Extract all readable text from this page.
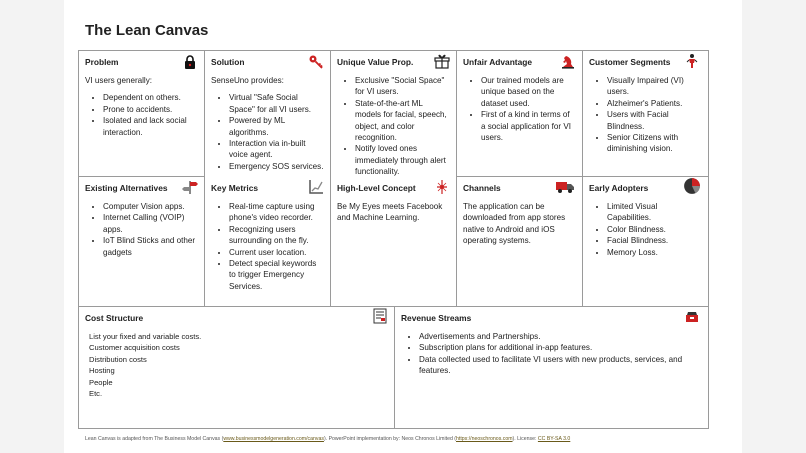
The Lean Canvas
Problem

VI users generally:

• Dependent on others.
• Prone to accidents.
• Isolated and lack social interaction.
Solution

SenseUno provides:

• Virtual "Safe Social Space" for all VI users.
• Powered by ML algorithms.
• Interaction via in-built voice agent.
• Emergency SOS services.
Key Metrics
• Real-time capture using phone's video recorder.
• Recognizing users surrounding on the fly.
• Current user location.
• Detect special keywords to trigger Emergency Services.
Unique Value Prop.
• Exclusive "Social Space" for VI users.
• State-of-the-art ML models for facial, speech, object, and color recognition.
• Notify loved ones immediately through alert functionality.
High-Level Concept

Be My Eyes meets Facebook and Machine Learning.

Unfair Advantage
• Our trained models are unique based on the dataset used.
• First of a kind in terms of a social application for VI users.
Channels

The application can be downloaded from app stores native to Android and iOS operating systems.

Customer Segments
• Visually Impaired (VI) users.
• Alzheimer's Patients.
• Users with Facial Blindness.
• Senior Citizens with diminishing vision.
Early Adopters
• Limited Visual Capabilities.
• Color Blindness.
• Facial Blindness.
• Memory Loss.
Existing Alternatives
• Computer Vision apps.
• Internet Calling (VOIP) apps.
• IoT Blind Sticks and other gadgets
Cost Structure
List your fixed and variable costs.
Customer acquisition costs
Distribution costs
Hosting
People
Etc.
Revenue Streams
• Advertisements and Partnerships.
• Subscription plans for additional in-app features.
• Data collected used to facilitate VI users with new products, services, and features.
Lean Canvas is adapted from The Business Model Canvas (www.businessmodelgeneration.com/canvas). PowerPoint implementation by: Neos Chronos Limited (https://neoschronos.com). License: CC BY-SA 3.0
